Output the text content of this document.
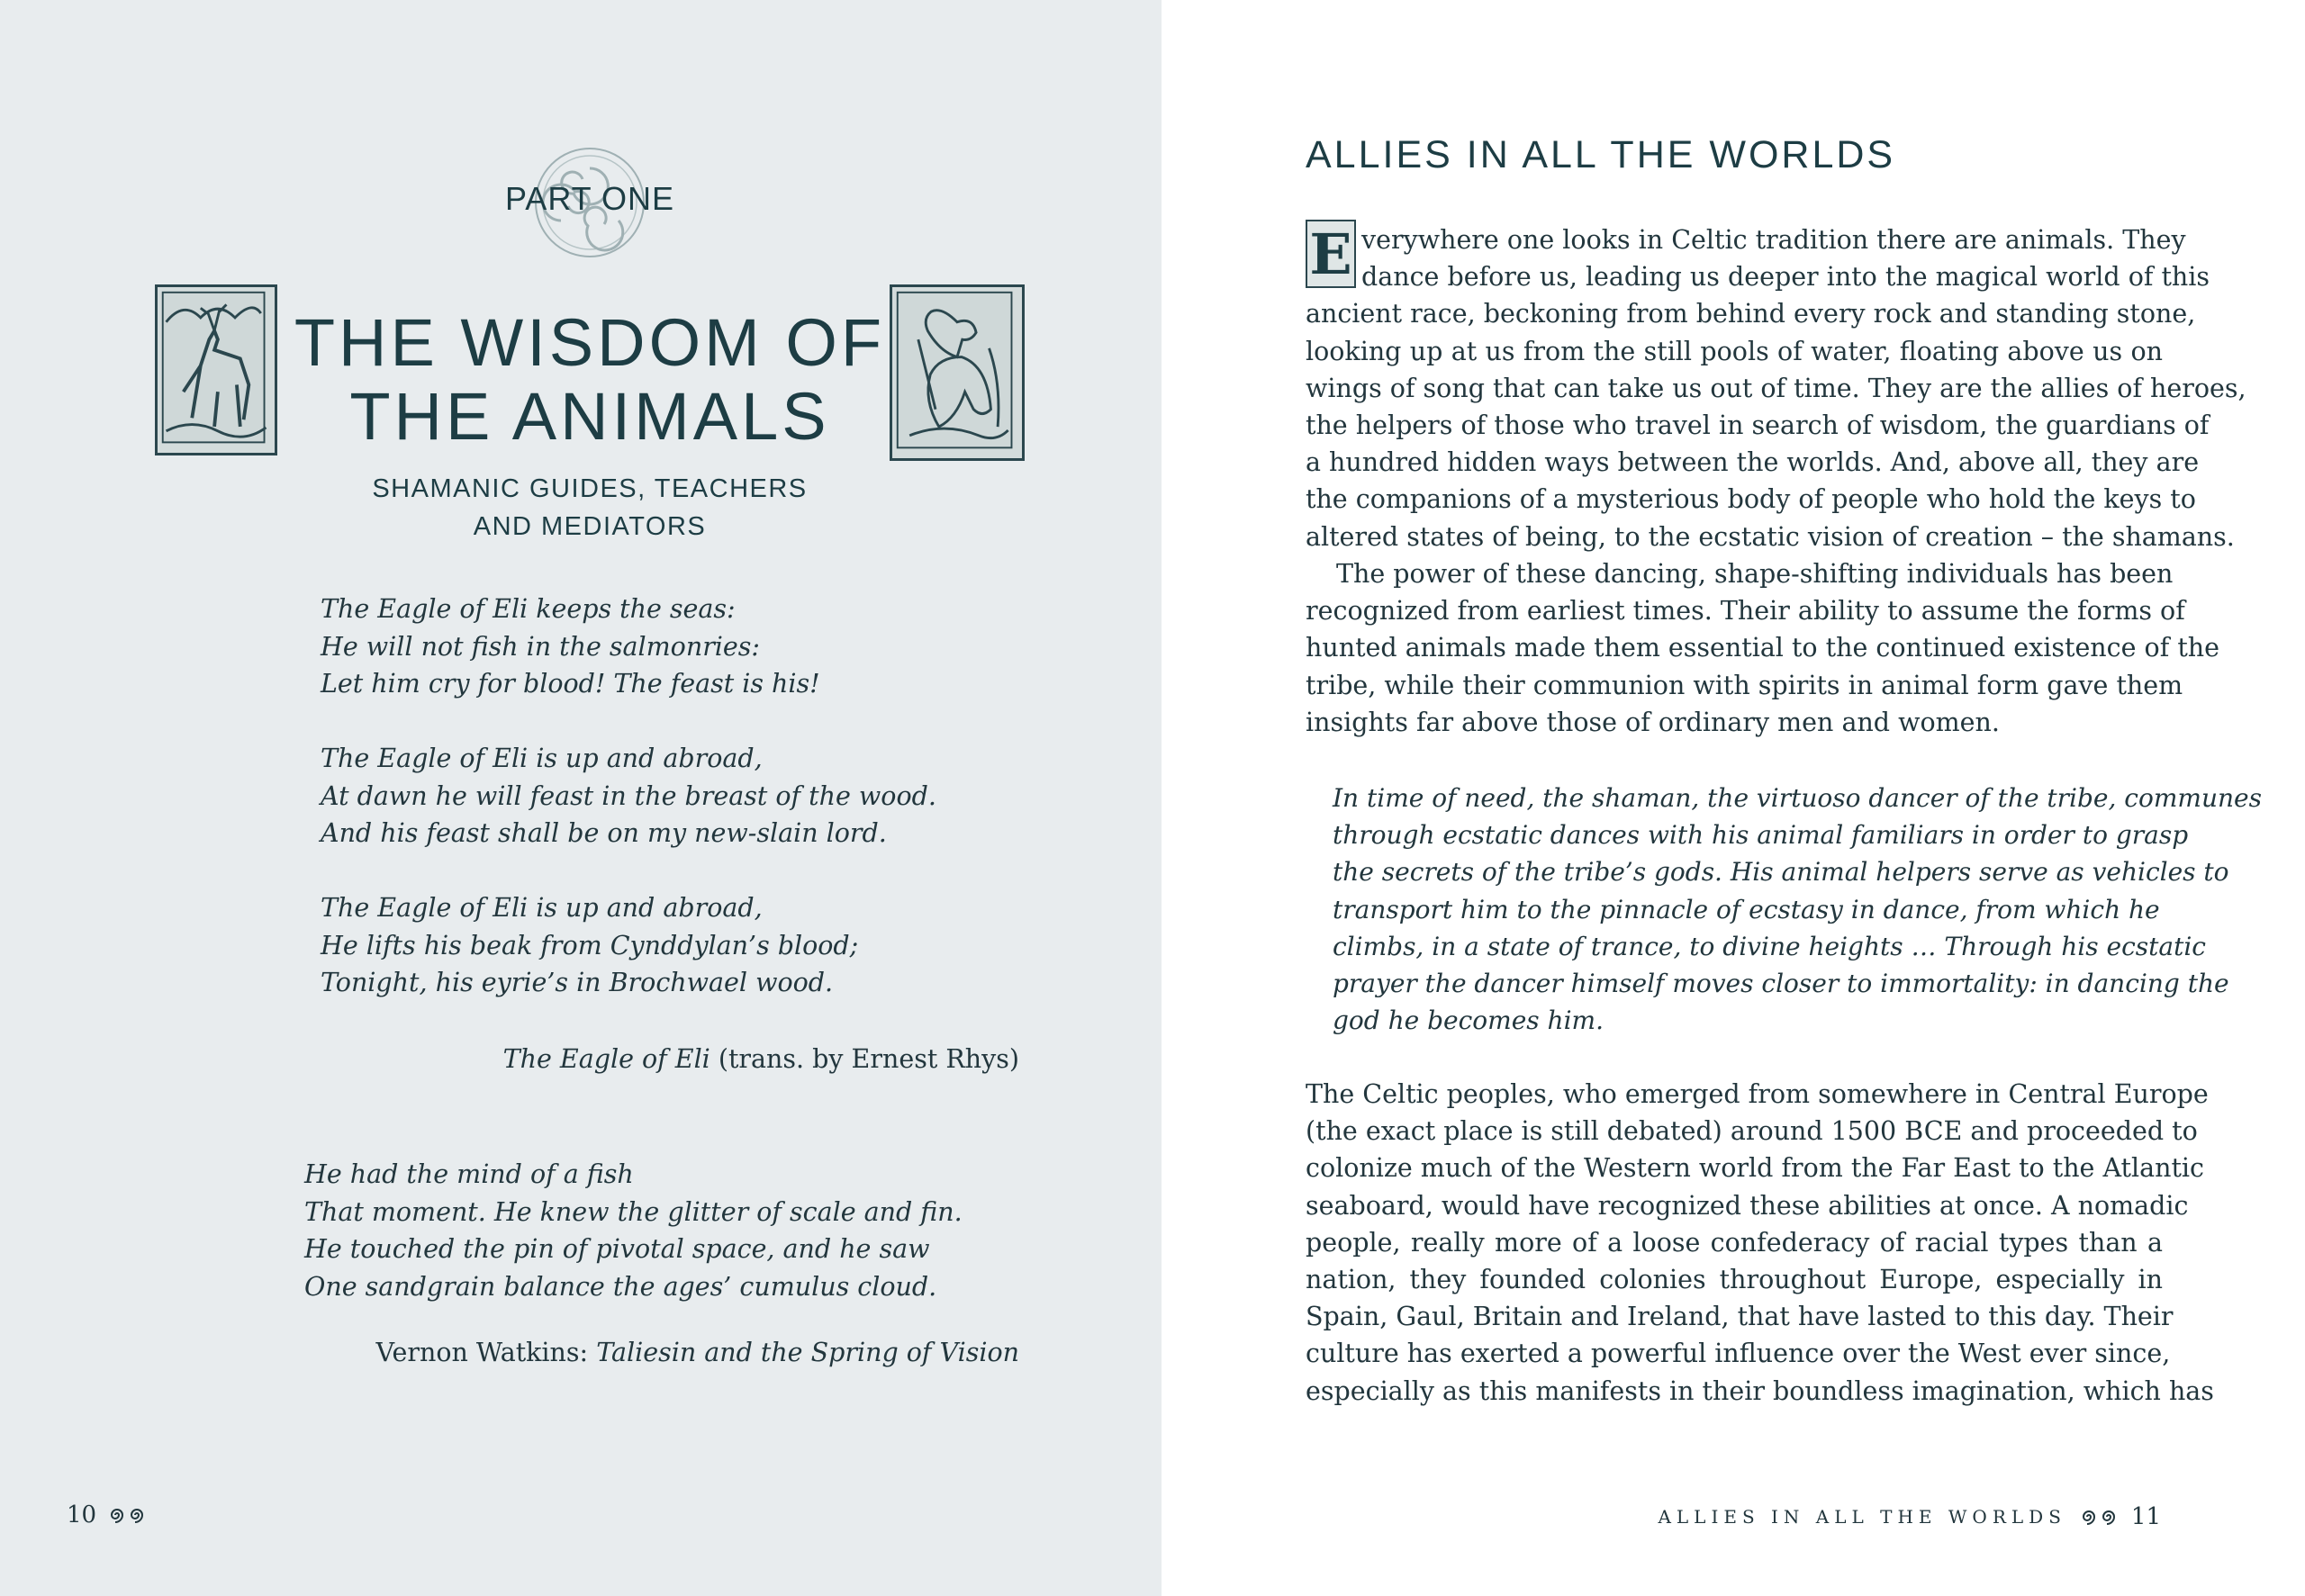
PART ONE
THE WISDOM OF
THE ANIMALS
SHAMANIC GUIDES, TEACHERS
AND MEDIATORS
The Eagle of Eli keeps the seas:
He will not fish in the salmonries:
Let him cry for blood! The feast is his!
The Eagle of Eli is up and abroad,
At dawn he will feast in the breast of the wood.
And his feast shall be on my new-slain lord.
The Eagle of Eli is up and abroad,
He lifts his beak from Cynddylan’s blood;
Tonight, his eyrie’s in Brochwael wood.
The Eagle of Eli (trans. by Ernest Rhys)
He had the mind of a fish
That moment. He knew the glitter of scale and fin.
He touched the pin of pivotal space, and he saw
One sandgrain balance the ages’ cumulus cloud.
Vernon Watkins: Taliesin and the Spring of Vision
10
ALLIES IN ALL THE WORLDS
E verywhere one looks in Celtic tradition there are animals. They
dance before us, leading us deeper into the magical world of this
ancient race, beckoning from behind every rock and standing stone,
looking up at us from the still pools of water, floating above us on
wings of song that can take us out of time. They are the allies of heroes,
the helpers of those who travel in search of wisdom, the guardians of
a hundred hidden ways between the worlds. And, above all, they are
the companions of a mysterious body of people who hold the keys to
altered states of being, to the ecstatic vision of creation – the shamans.
The power of these dancing, shape-shifting individuals has been
recognized from earliest times. Their ability to assume the forms of
hunted animals made them essential to the continued existence of the
tribe, while their communion with spirits in animal form gave them
insights far above those of ordinary men and women.
The Celtic peoples, who emerged from somewhere in Central Europe
(the exact place is still debated) around 1500 BCE and proceeded to
colonize much of the Western world from the Far East to the Atlantic
seaboard, would have recognized these abilities at once. A nomadic
people, really more of a loose confederacy of racial types than a
nation, they founded colonies throughout Europe, especially in
Spain, Gaul, Britain and Ireland, that have lasted to this day. Their
culture has exerted a powerful influence over the West ever since,
especially as this manifests in their boundless imagination, which has
ALLIES IN ALL THE WORLDS	11
In time of need, the shaman, the virtuoso dancer of the tribe, communes
through ecstatic dances with his animal familiars in order to grasp
the secrets of the tribe’s gods. His animal helpers serve as vehicles to
transport him to the pinnacle of ecstasy in dance, from which he
climbs, in a state of trance, to divine heights … Through his ecstatic
prayer the dancer himself moves closer to immortality: in dancing the
god he becomes him.
